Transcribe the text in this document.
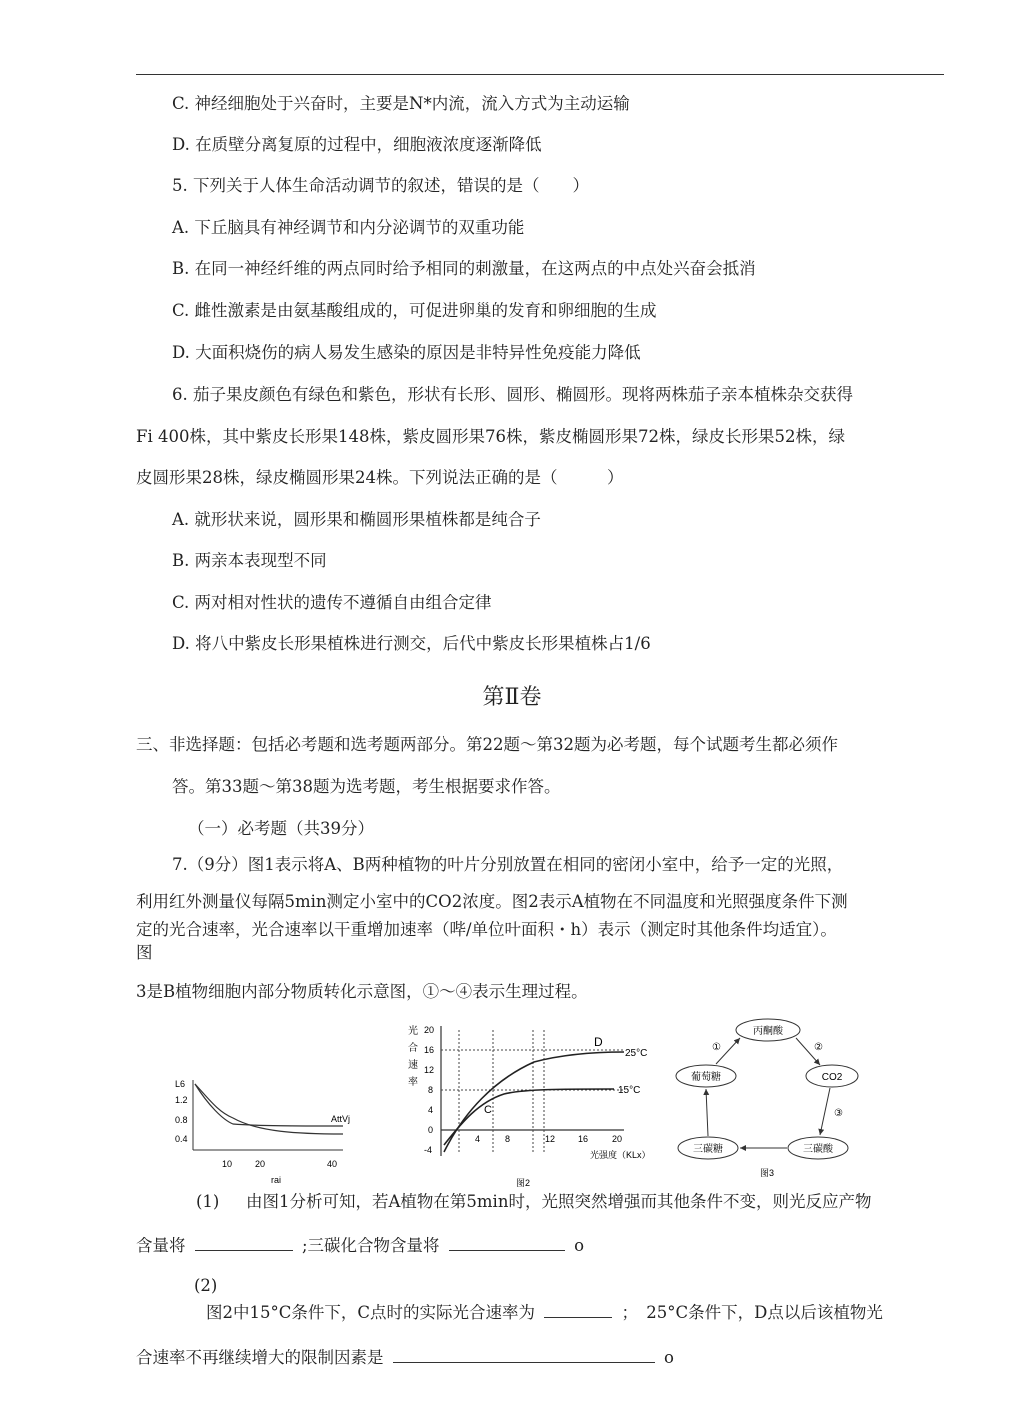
C. 神经细胞处于兴奋时，主要是N*内流，流入方式为主动运输
D. 在质壁分离复原的过程中，细胞液浓度逐渐降低
5. 下列关于人体生命活动调节的叙述，错误的是（　　）
A. 下丘脑具有神经调节和内分泌调节的双重功能
B. 在同一神经纤维的两点同时给予相同的刺激量，在这两点的中点处兴奋会抵消
C. 雌性激素是由氨基酸组成的，可促进卵巢的发育和卵细胞的生成
D. 大面积烧伤的病人易发生感染的原因是非特异性免疫能力降低
6. 茄子果皮颜色有绿色和紫色，形状有长形、圆形、椭圆形。现将两株茄子亲本植株杂交获得
Fi 400株，其中紫皮长形果148株，紫皮圆形果76株，紫皮椭圆形果72株，绿皮长形果52株，绿
皮圆形果28株，绿皮椭圆形果24株。下列说法正确的是（　　　）
A. 就形状来说，圆形果和椭圆形果植株都是纯合子
B. 两亲本表现型不同
C. 两对相对性状的遗传不遵循自由组合定律
D. 将八中紫皮长形果植株进行测交，后代中紫皮长形果植株占1/6
第Ⅱ卷
三、非选择题：包括必考题和选考题两部分。第22题～第32题为必考题，每个试题考生都必须作
答。第33题～第38题为选考题，考生根据要求作答。
（一）必考题（共39分）
7.（9分）图1表示将A、B两种植物的叶片分别放置在相同的密闭小室中，给予一定的光照，
利用红外测量仪每隔5min测定小室中的CO2浓度。图2表示A植物在不同温度和光照强度条件下测
定的光合速率，光合速率以干重增加速率（哔/单位叶面积・h）表示（测定时其他条件均适宜）。
图
3是B植物细胞内部分物质转化示意图，①～④表示生理过程。
L6
1.2
0.8
0.4
10	20	40
rai
AttVj
光
合
速
率
20
16
12
8
4
0
-4
D
25°C
15°C
C
4	8	12	16	20
光强度（KLx）
图2
丙酮酸
CO2
三碳酸
三碳糖
葡萄糖
①	②
③
图3
(1) 由图1分析可知，若A植物在第5min时，光照突然增强而其他条件不变，则光反应产物
含量将	;三碳化合物含量将	o
(2)
图2中15°C条件下，C点时的实际光合速率为	；　25°C条件下，D点以后该植物光
合速率不再继续增大的限制因素是	o
